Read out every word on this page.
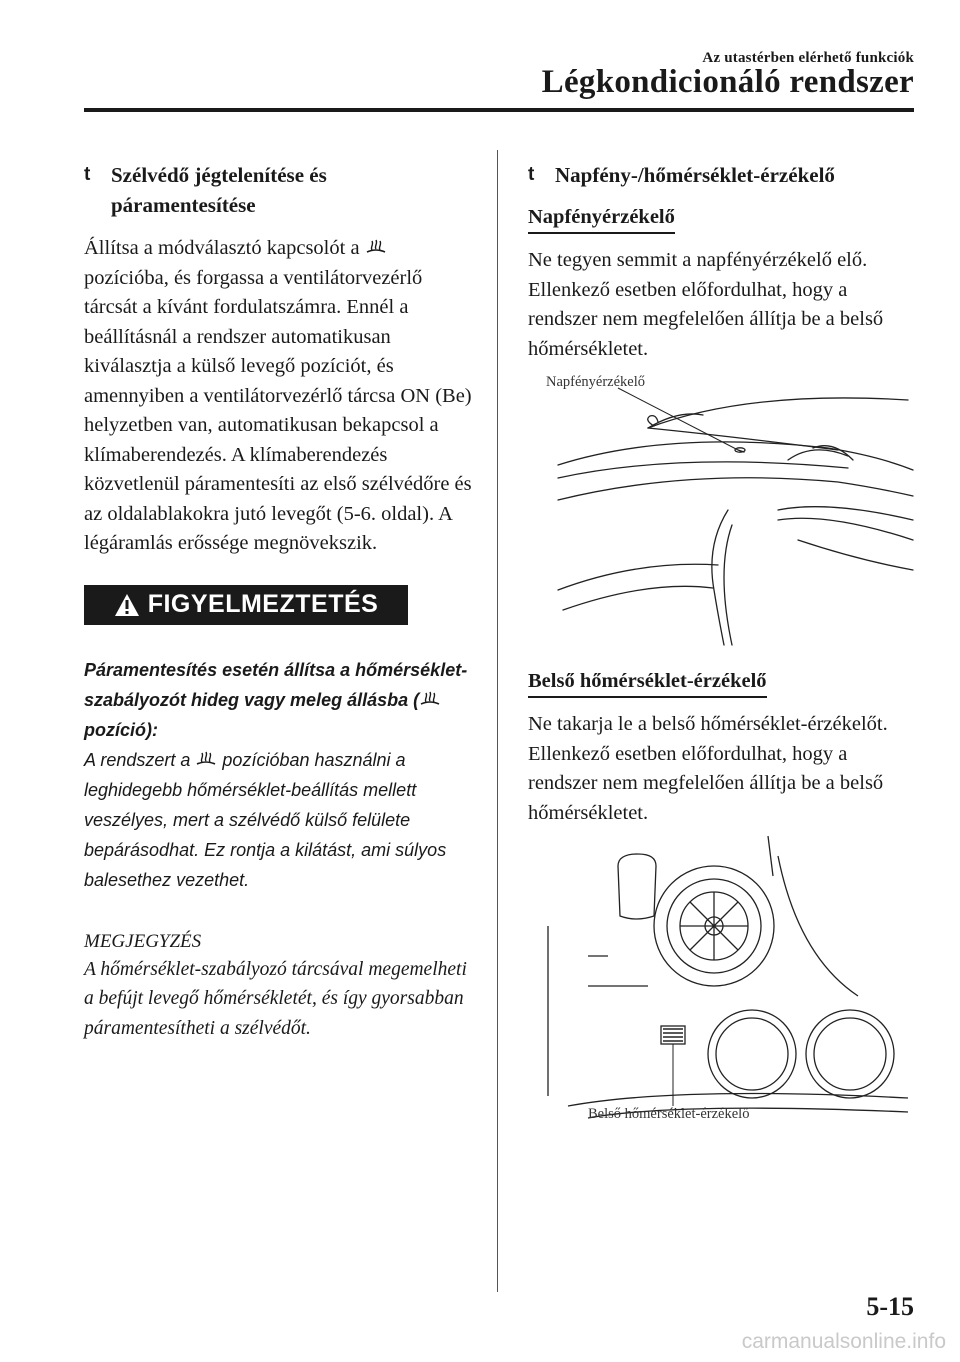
Az utastérben elérhető funkciók
Légkondicionáló rendszer
t Szélvédő jégtelenítése és páramentesítése
Állítsa a módválasztó kapcsolót a  pozícióba, és forgassa a ventilátorvezérlő tárcsát a kívánt fordulatszámra. Ennél a beállításnál a rendszer automatikusan kiválasztja a külső levegő pozíciót, és amennyiben a ventilátorvezérlő tárcsa ON (Be) helyzetben van, automatikusan bekapcsol a klímaberendezés. A klímaberendezés közvetlenül páramentesíti az első szélvédőre és az oldalablakokra jutó levegőt (5-6. oldal). A légáramlás erőssége megnövekszik.
FIGYELMEZTETÉS
Páramentesítés esetén állítsa a hőmérséklet-szabályozót hideg vagy meleg állásba ( pozíció):
A rendszert a pozícióban használni a leghidegebb hőmérséklet-beállítás mellett veszélyes, mert a szélvédő külső felülete bepárásodhat. Ez rontja a kilátást, ami súlyos balesethez vezethet.
MEGJEGYZÉS
A hőmérséklet-szabályozó tárcsával megemelheti a befújt levegő hőmérsékletét, és így gyorsabban páramentesítheti a szélvédőt.
t Napfény-/hőmérséklet-érzékelő
Napfényérzékelő
Ne tegyen semmit a napfényérzékelő elő. Ellenkező esetben előfordulhat, hogy a rendszer nem megfelelően állítja be a belső hőmérsékletet.
Napfényérzékelő
Belső hőmérséklet-érzékelő
Ne takarja le a belső hőmérséklet-érzékelőt. Ellenkező esetben előfordulhat, hogy a rendszer nem megfelelően állítja be a belső hőmérsékletet.
Belső hőmérséklet-érzékelő
5-15
carmanualsonline.info
